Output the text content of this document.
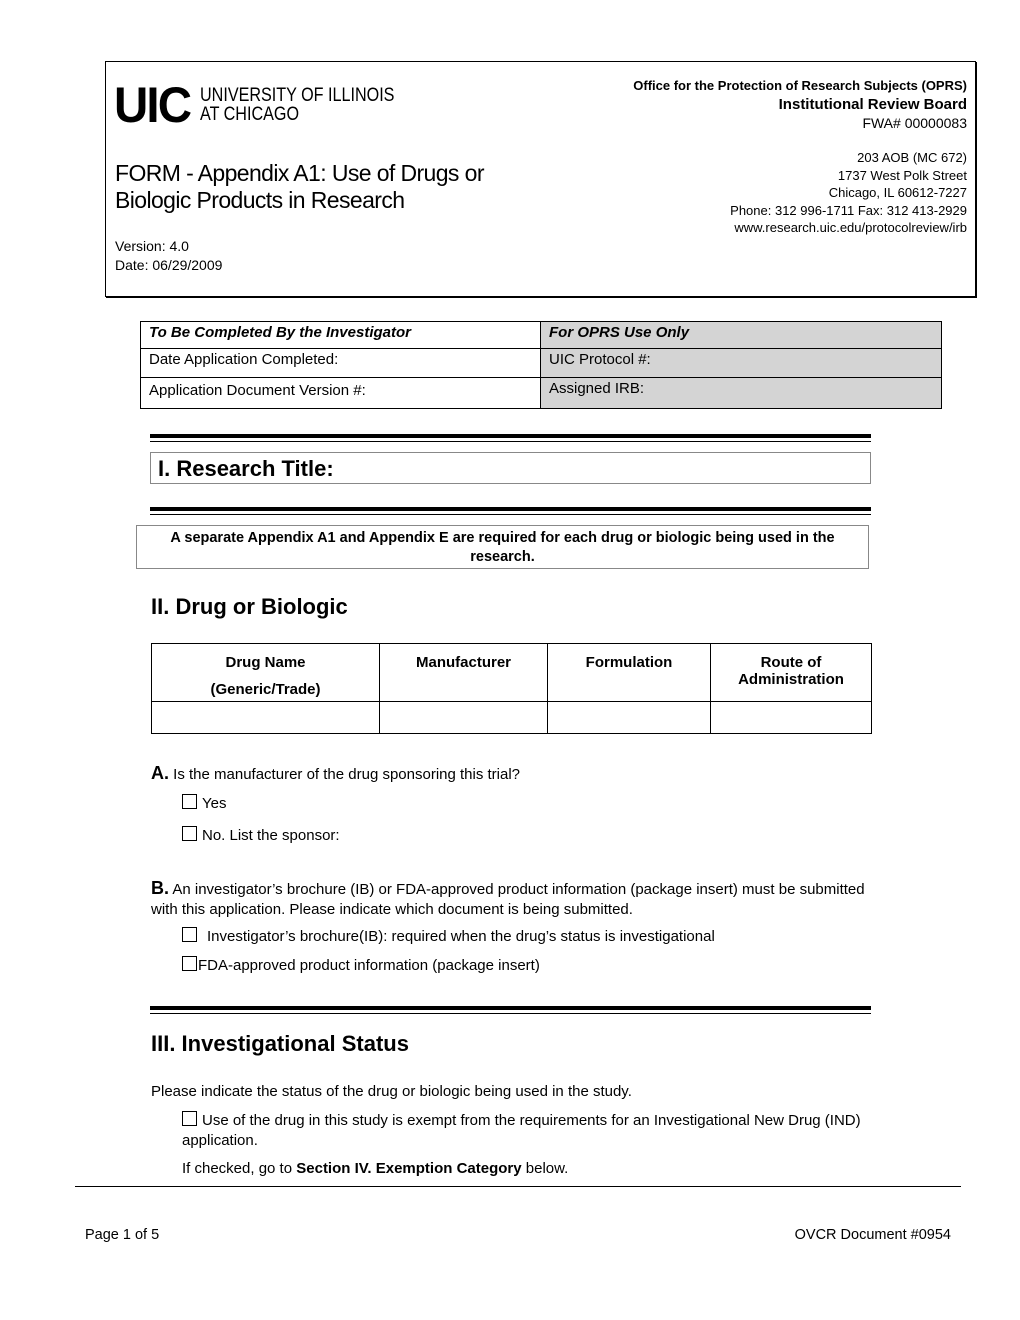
UIC UNIVERSITY OF ILLINOIS
AT CHICAGO
Office for the Protection of Research Subjects (OPRS)
Institutional Review Board
FWA# 00000083
203 AOB (MC 672)
1737 West Polk Street
Chicago, IL 60612-7227
Phone: 312 996-1711 Fax: 312 413-2929
www.research.uic.edu/protocolreview/irb
FORM - Appendix A1: Use of Drugs or
Biologic Products in Research
Version: 4.0
Date: 06/29/2009
To Be Completed By the Investigator	For OPRS Use Only
Date Application Completed:	UIC Protocol #:
Application Document Version #:	Assigned IRB:
I. Research Title:
A separate Appendix A1 and Appendix E are required for each drug or biologic being used in the research.
II. Drug or Biologic
Drug Name
(Generic/Trade)	Manufacturer	Formulation	Route of Administration

A. Is the manufacturer of the drug sponsoring this trial?
Yes
No. List the sponsor:
B. An investigator’s brochure (IB) or FDA-approved product information (package insert) must be submitted with this application. Please indicate which document is being submitted.
Investigator’s brochure(IB): required when the drug’s status is investigational
FDA-approved product information (package insert)
III. Investigational Status
Please indicate the status of the drug or biologic being used in the study.
Use of the drug in this study is exempt from the requirements for an Investigational New Drug (IND) application.
If checked, go to Section IV. Exemption Category below.
Page 1 of 5	OVCR Document #0954
